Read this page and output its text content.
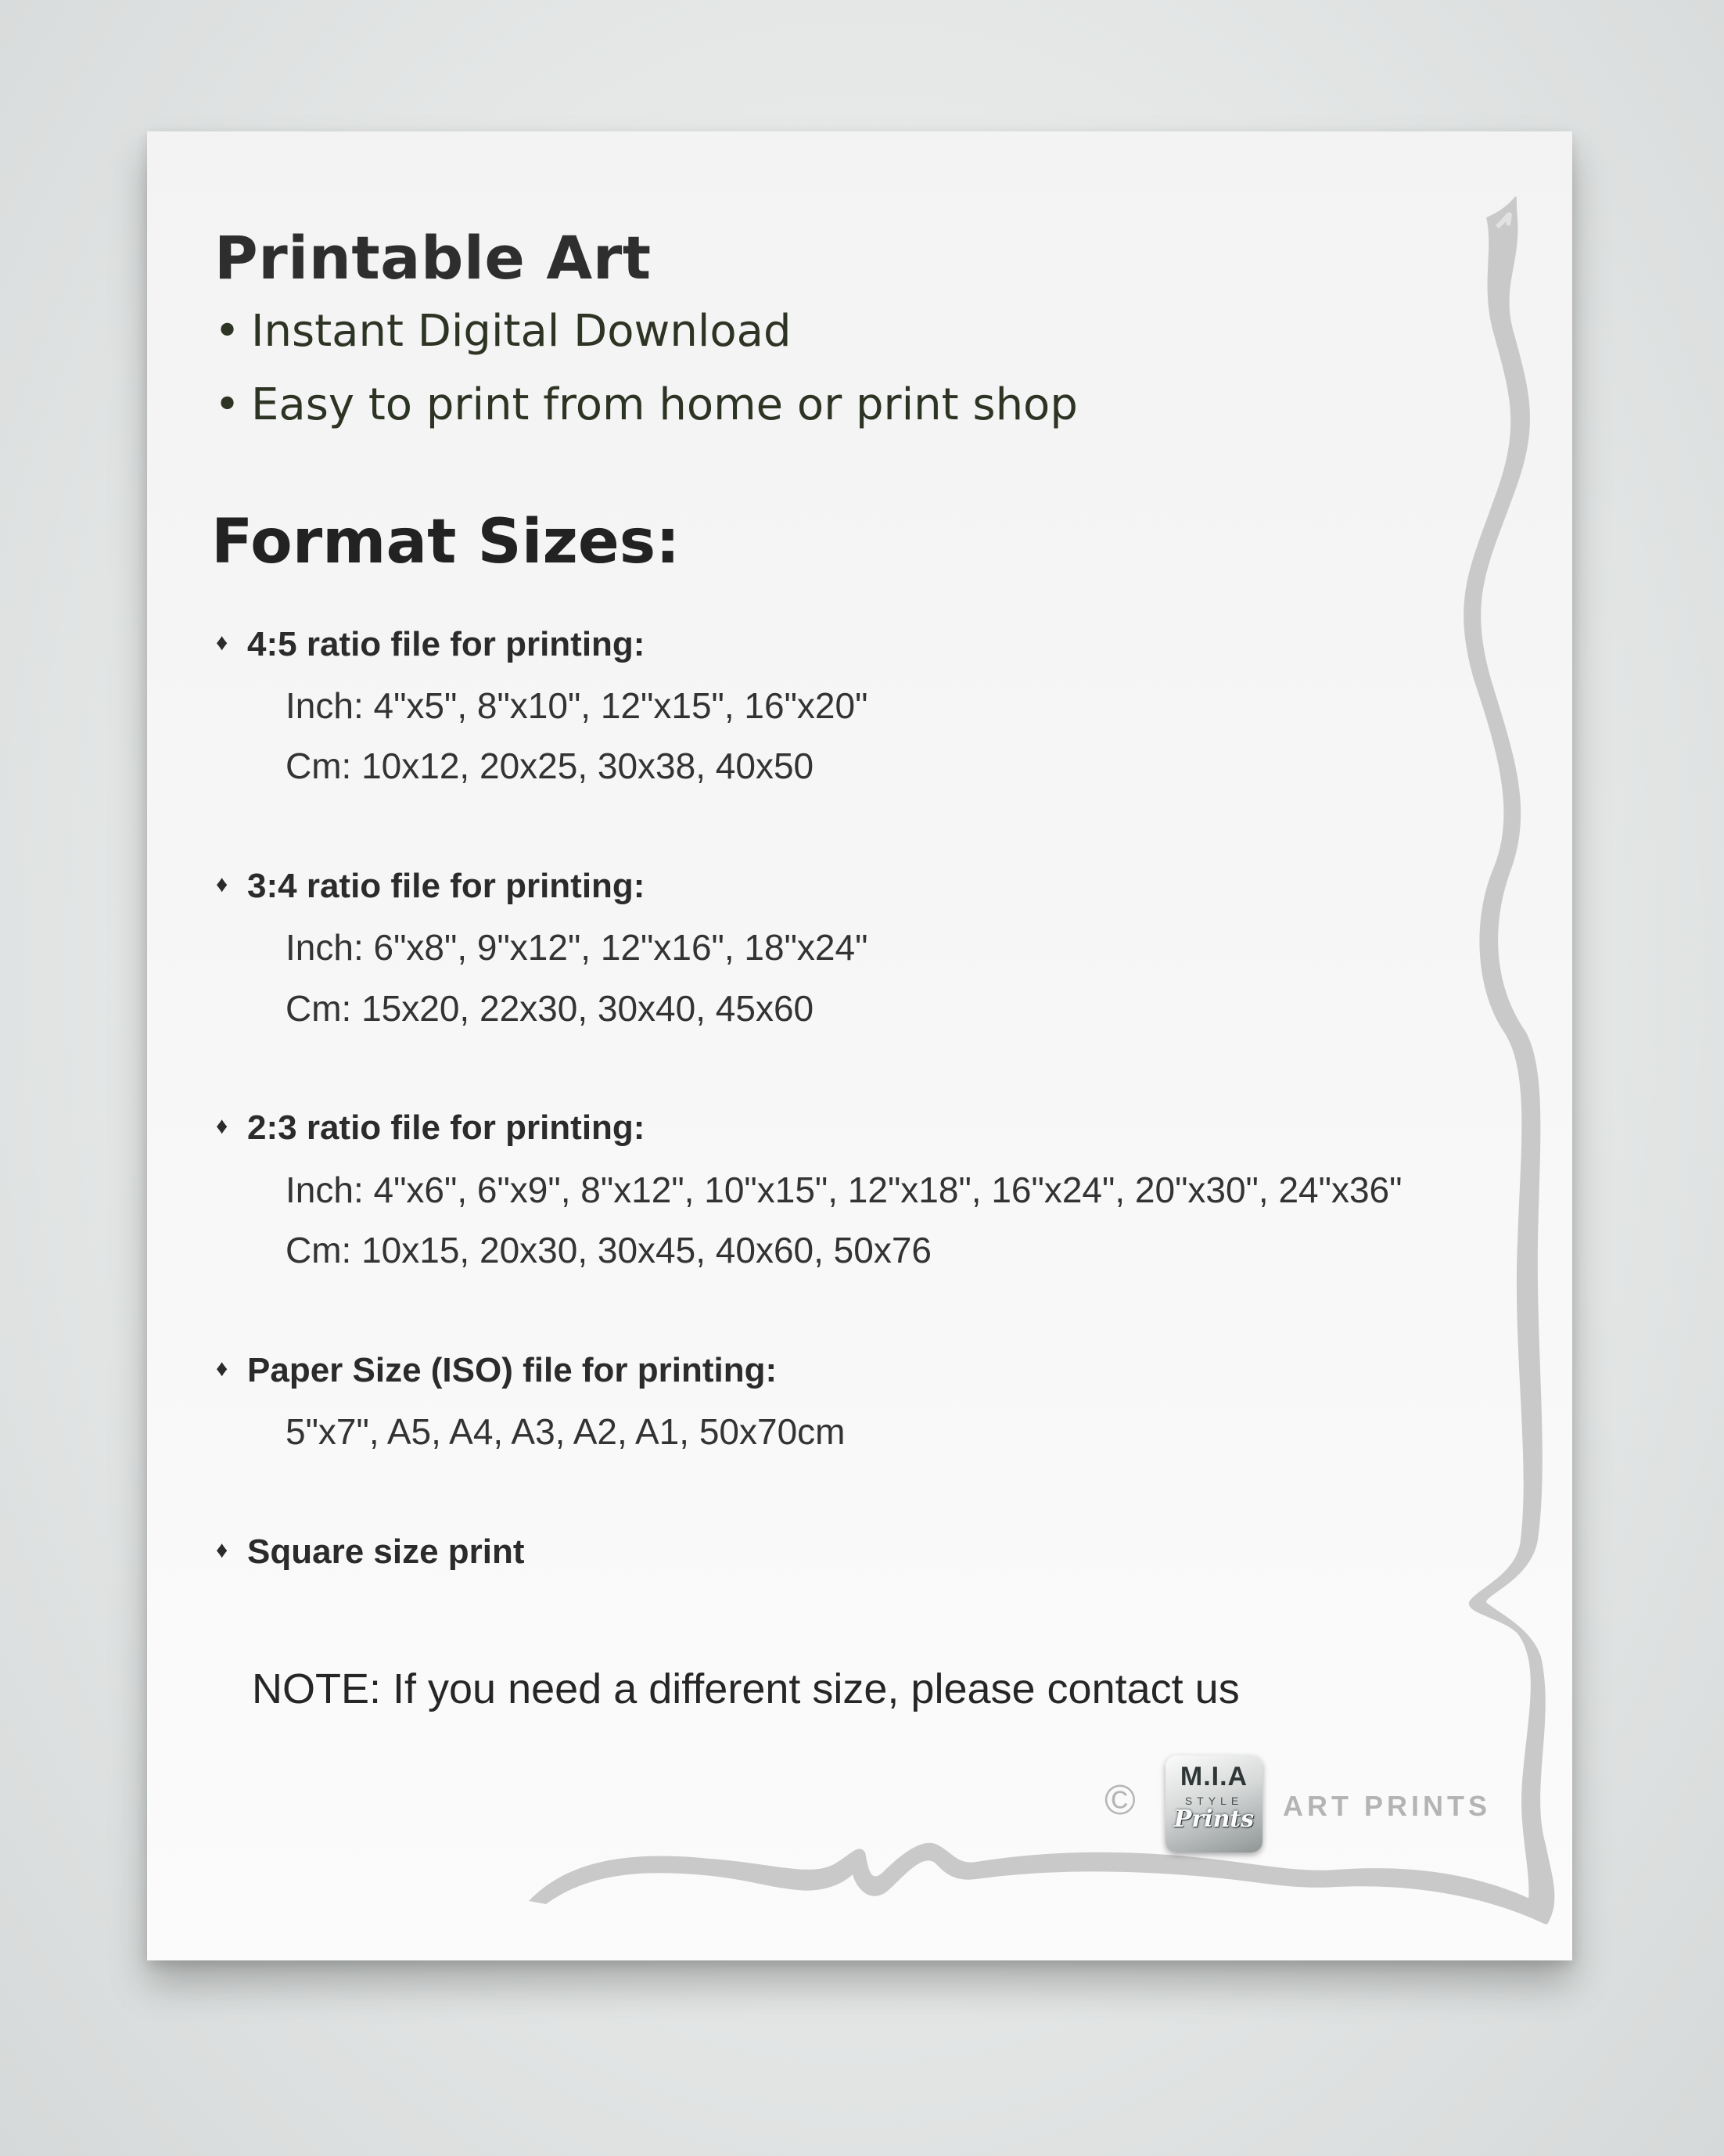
Printable Art
• Instant Digital Download
• Easy to print from home or print shop
Format Sizes:
♦ 4:5 ratio file for printing:
Inch: 4"x5", 8"x10", 12"x15", 16"x20"
Cm: 10x12, 20x25, 30x38, 40x50
♦ 3:4 ratio file for printing:
Inch: 6"x8", 9"x12", 12"x16", 18"x24"
Cm: 15x20, 22x30, 30x40, 45x60
♦ 2:3 ratio file for printing:
Inch: 4"x6", 6"x9", 8"x12", 10"x15", 12"x18", 16"x24", 20"x30", 24"x36"
Cm: 10x15, 20x30, 30x45, 40x60, 50x76
♦ Paper Size (ISO) file for printing:
5"x7", A5, A4, A3, A2, A1, 50x70cm
♦ Square size print
NOTE: If you need a different size, please contact us
©	M.I.A
STYLE
Prints	ART PRINTS
